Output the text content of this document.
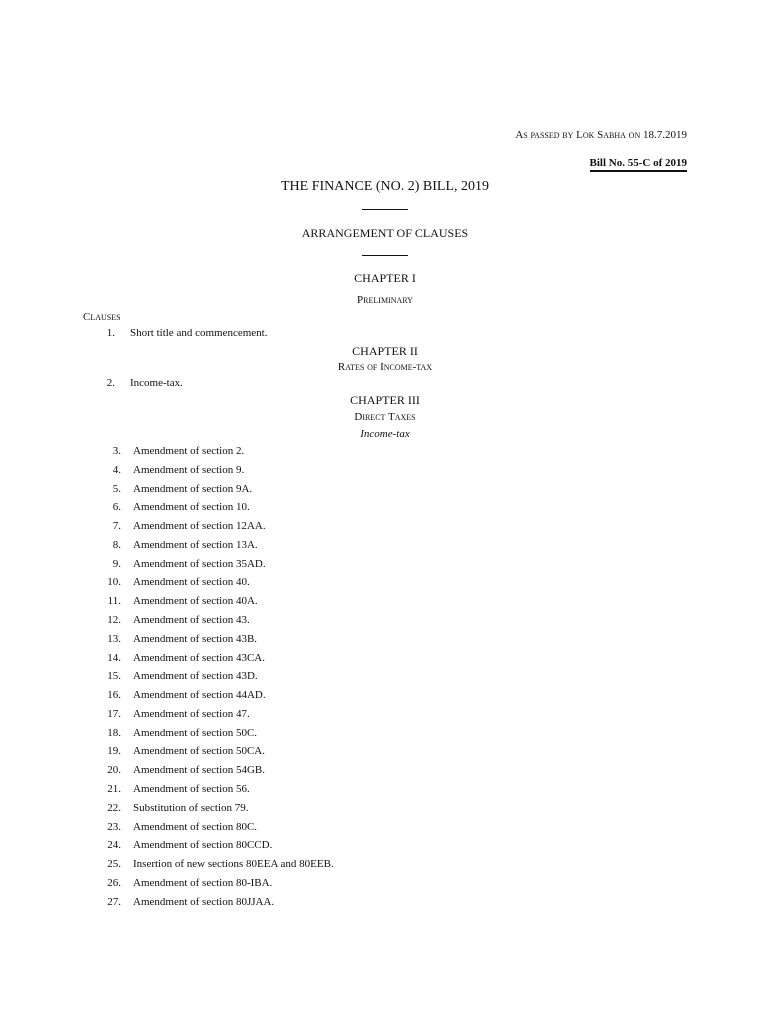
As passed by Lok Sabha on 18.7.2019
Bill No. 55-C of 2019
THE FINANCE (NO. 2) BILL, 2019
ARRANGEMENT OF CLAUSES
CHAPTER I
Preliminary
Clauses
1. Short title and commencement.
CHAPTER II
Rates of Income-tax
2. Income-tax.
CHAPTER III
Direct Taxes
Income-tax
3. Amendment of section 2.
4. Amendment of section 9.
5. Amendment of section 9A.
6. Amendment of section 10.
7. Amendment of section 12AA.
8. Amendment of section 13A.
9. Amendment of section 35AD.
10. Amendment of section 40.
11. Amendment of section 40A.
12. Amendment of section 43.
13. Amendment of section 43B.
14. Amendment of section 43CA.
15. Amendment of section 43D.
16. Amendment of section 44AD.
17. Amendment of section 47.
18. Amendment of section 50C.
19. Amendment of section 50CA.
20. Amendment of section 54GB.
21. Amendment of section 56.
22. Substitution of section 79.
23. Amendment of section 80C.
24. Amendment of section 80CCD.
25. Insertion of new sections 80EEA and 80EEB.
26. Amendment of section 80-IBA.
27. Amendment of section 80JJAA.
